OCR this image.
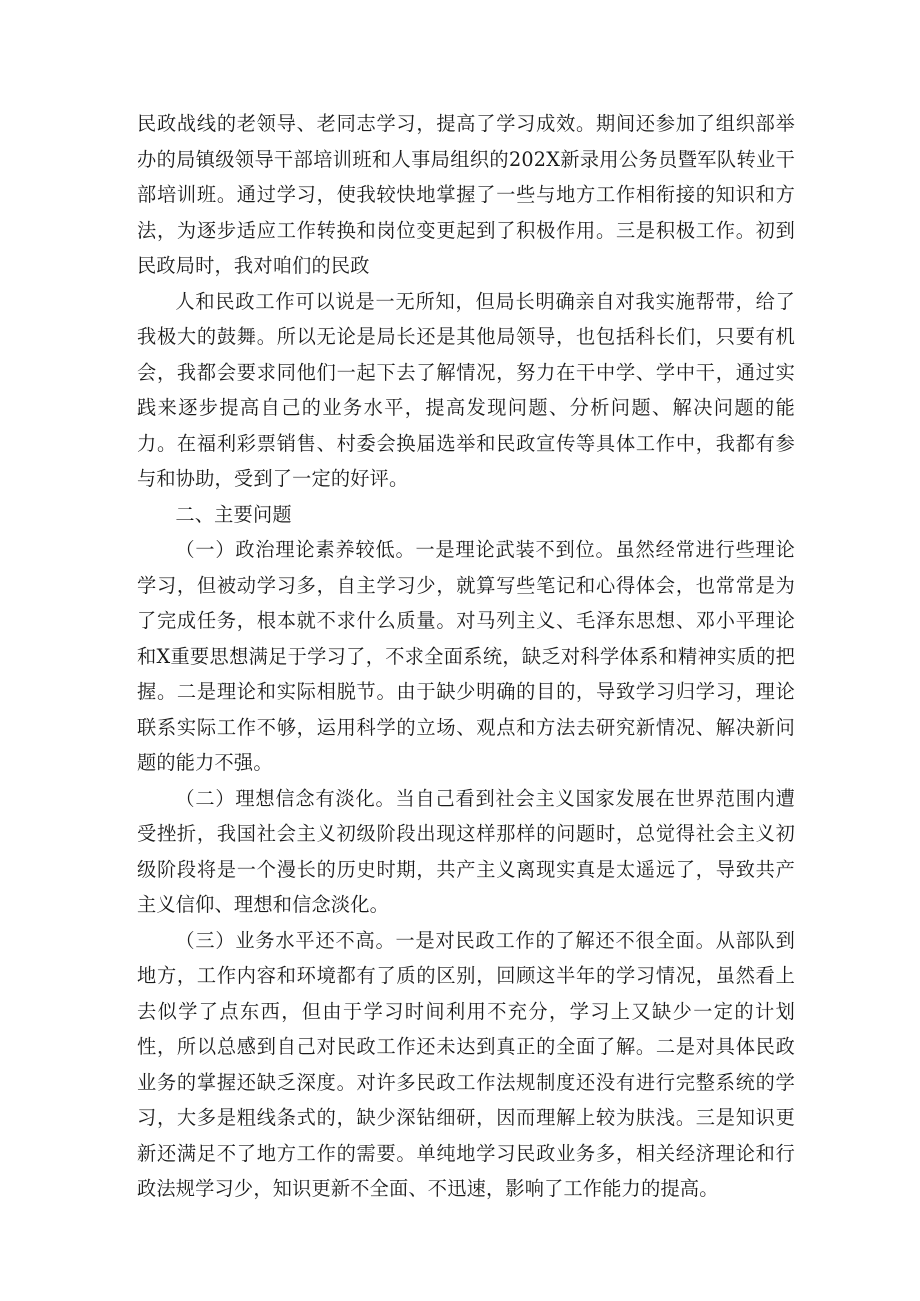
民政战线的老领导、老同志学习，提高了学习成效。期间还参加了组织部举办的局镇级领导干部培训班和人事局组织的202X新录用公务员暨军队转业干部培训班。通过学习，使我较快地掌握了一些与地方工作相衔接的知识和方法，为逐步适应工作转换和岗位变更起到了积极作用。三是积极工作。初到民政局时，我对咱们的民政

人和民政工作可以说是一无所知，但局长明确亲自对我实施帮带，给了我极大的鼓舞。所以无论是局长还是其他局领导，也包括科长们，只要有机会，我都会要求同他们一起下去了解情况，努力在干中学、学中干，通过实践来逐步提高自己的业务水平，提高发现问题、分析问题、解决问题的能力。在福利彩票销售、村委会换届选举和民政宣传等具体工作中，我都有参与和协助，受到了一定的好评。

二、主要问题

（一）政治理论素养较低。一是理论武装不到位。虽然经常进行些理论学习，但被动学习多，自主学习少，就算写些笔记和心得体会，也常常是为了完成任务，根本就不求什么质量。对马列主义、毛泽东思想、邓小平理论和X重要思想满足于学习了，不求全面系统，缺乏对科学体系和精神实质的把握。二是理论和实际相脱节。由于缺少明确的目的，导致学习归学习，理论联系实际工作不够，运用科学的立场、观点和方法去研究新情况、解决新问题的能力不强。

（二）理想信念有淡化。当自己看到社会主义国家发展在世界范围内遭受挫折，我国社会主义初级阶段出现这样那样的问题时，总觉得社会主义初级阶段将是一个漫长的历史时期，共产主义离现实真是太遥远了，导致共产主义信仰、理想和信念淡化。

（三）业务水平还不高。一是对民政工作的了解还不很全面。从部队到地方，工作内容和环境都有了质的区别，回顾这半年的学习情况，虽然看上去似学了点东西，但由于学习时间利用不充分，学习上又缺少一定的计划性，所以总感到自己对民政工作还未达到真正的全面了解。二是对具体民政业务的掌握还缺乏深度。对许多民政工作法规制度还没有进行完整系统的学习，大多是粗线条式的，缺少深钻细研，因而理解上较为肤浅。三是知识更新还满足不了地方工作的需要。单纯地学习民政业务多，相关经济理论和行政法规学习少，知识更新不全面、不迅速，影响了工作能力的提高。
